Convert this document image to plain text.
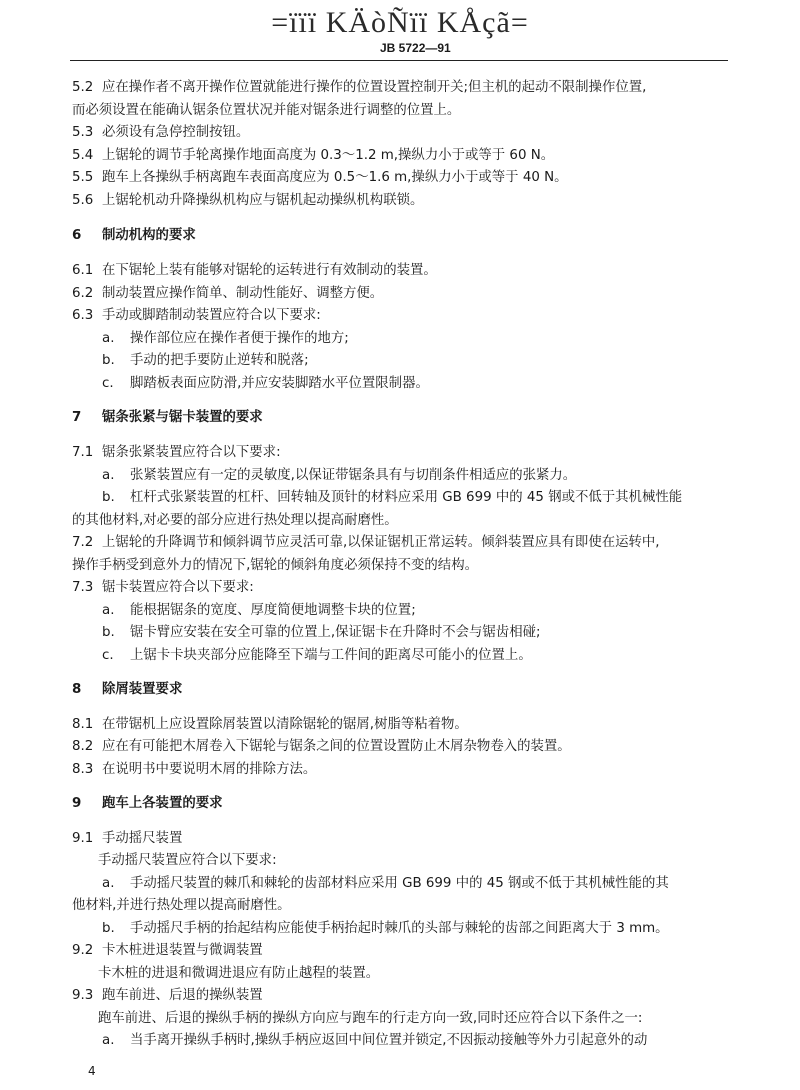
=ïïï KÄòÑïï KÅçã=
JB 5722—91
5.2 应在操作者不离开操作位置就能进行操作的位置设置控制开关;但主机的起动不限制操作位置,
而必须设置在能确认锯条位置状况并能对锯条进行调整的位置上。
5.3 必须设有急停控制按钮。
5.4 上锯轮的调节手轮离操作地面高度为 0.3～1.2 m,操纵力小于或等于 60 N。
5.5 跑车上各操纵手柄离跑车表面高度应为 0.5～1.6 m,操纵力小于或等于 40 N。
5.6 上锯轮机动升降操纵机构应与锯机起动操纵机构联锁。
6 制动机构的要求
6.1 在下锯轮上装有能够对锯轮的运转进行有效制动的装置。
6.2 制动装置应操作简单、制动性能好、调整方便。
6.3 手动或脚踏制动装置应符合以下要求:
a. 操作部位应在操作者便于操作的地方;
b. 手动的把手要防止逆转和脱落;
c. 脚踏板表面应防滑,并应安装脚踏水平位置限制器。
7 锯条张紧与锯卡装置的要求
7.1 锯条张紧装置应符合以下要求:
a. 张紧装置应有一定的灵敏度,以保证带锯条具有与切削条件相适应的张紧力。
b. 杠杆式张紧装置的杠杆、回转轴及顶针的材料应采用 GB 699 中的 45 钢或不低于其机械性能
的其他材料,对必要的部分应进行热处理以提高耐磨性。
7.2 上锯轮的升降调节和倾斜调节应灵活可靠,以保证锯机正常运转。倾斜装置应具有即使在运转中,
操作手柄受到意外力的情况下,锯轮的倾斜角度必须保持不变的结构。
7.3 锯卡装置应符合以下要求:
a. 能根据锯条的宽度、厚度简便地调整卡块的位置;
b. 锯卡臂应安装在安全可靠的位置上,保证锯卡在升降时不会与锯齿相碰;
c. 上锯卡卡块夹部分应能降至下端与工件间的距离尽可能小的位置上。
8 除屑装置要求
8.1 在带锯机上应设置除屑装置以清除锯轮的锯屑,树脂等粘着物。
8.2 应在有可能把木屑卷入下锯轮与锯条之间的位置设置防止木屑杂物卷入的装置。
8.3 在说明书中要说明木屑的排除方法。
9 跑车上各装置的要求
9.1 手动摇尺装置
手动摇尺装置应符合以下要求:
a. 手动摇尺装置的棘爪和棘轮的齿部材料应采用 GB 699 中的 45 钢或不低于其机械性能的其
他材料,并进行热处理以提高耐磨性。
b. 手动摇尺手柄的抬起结构应能使手柄抬起时棘爪的头部与棘轮的齿部之间距离大于 3 mm。
9.2 卡木桩进退装置与微调装置
卡木桩的进退和微调进退应有防止越程的装置。
9.3 跑车前进、后退的操纵装置
跑车前进、后退的操纵手柄的操纵方向应与跑车的行走方向一致,同时还应符合以下条件之一:
a. 当手离开操纵手柄时,操纵手柄应返回中间位置并锁定,不因振动接触等外力引起意外的动
4
